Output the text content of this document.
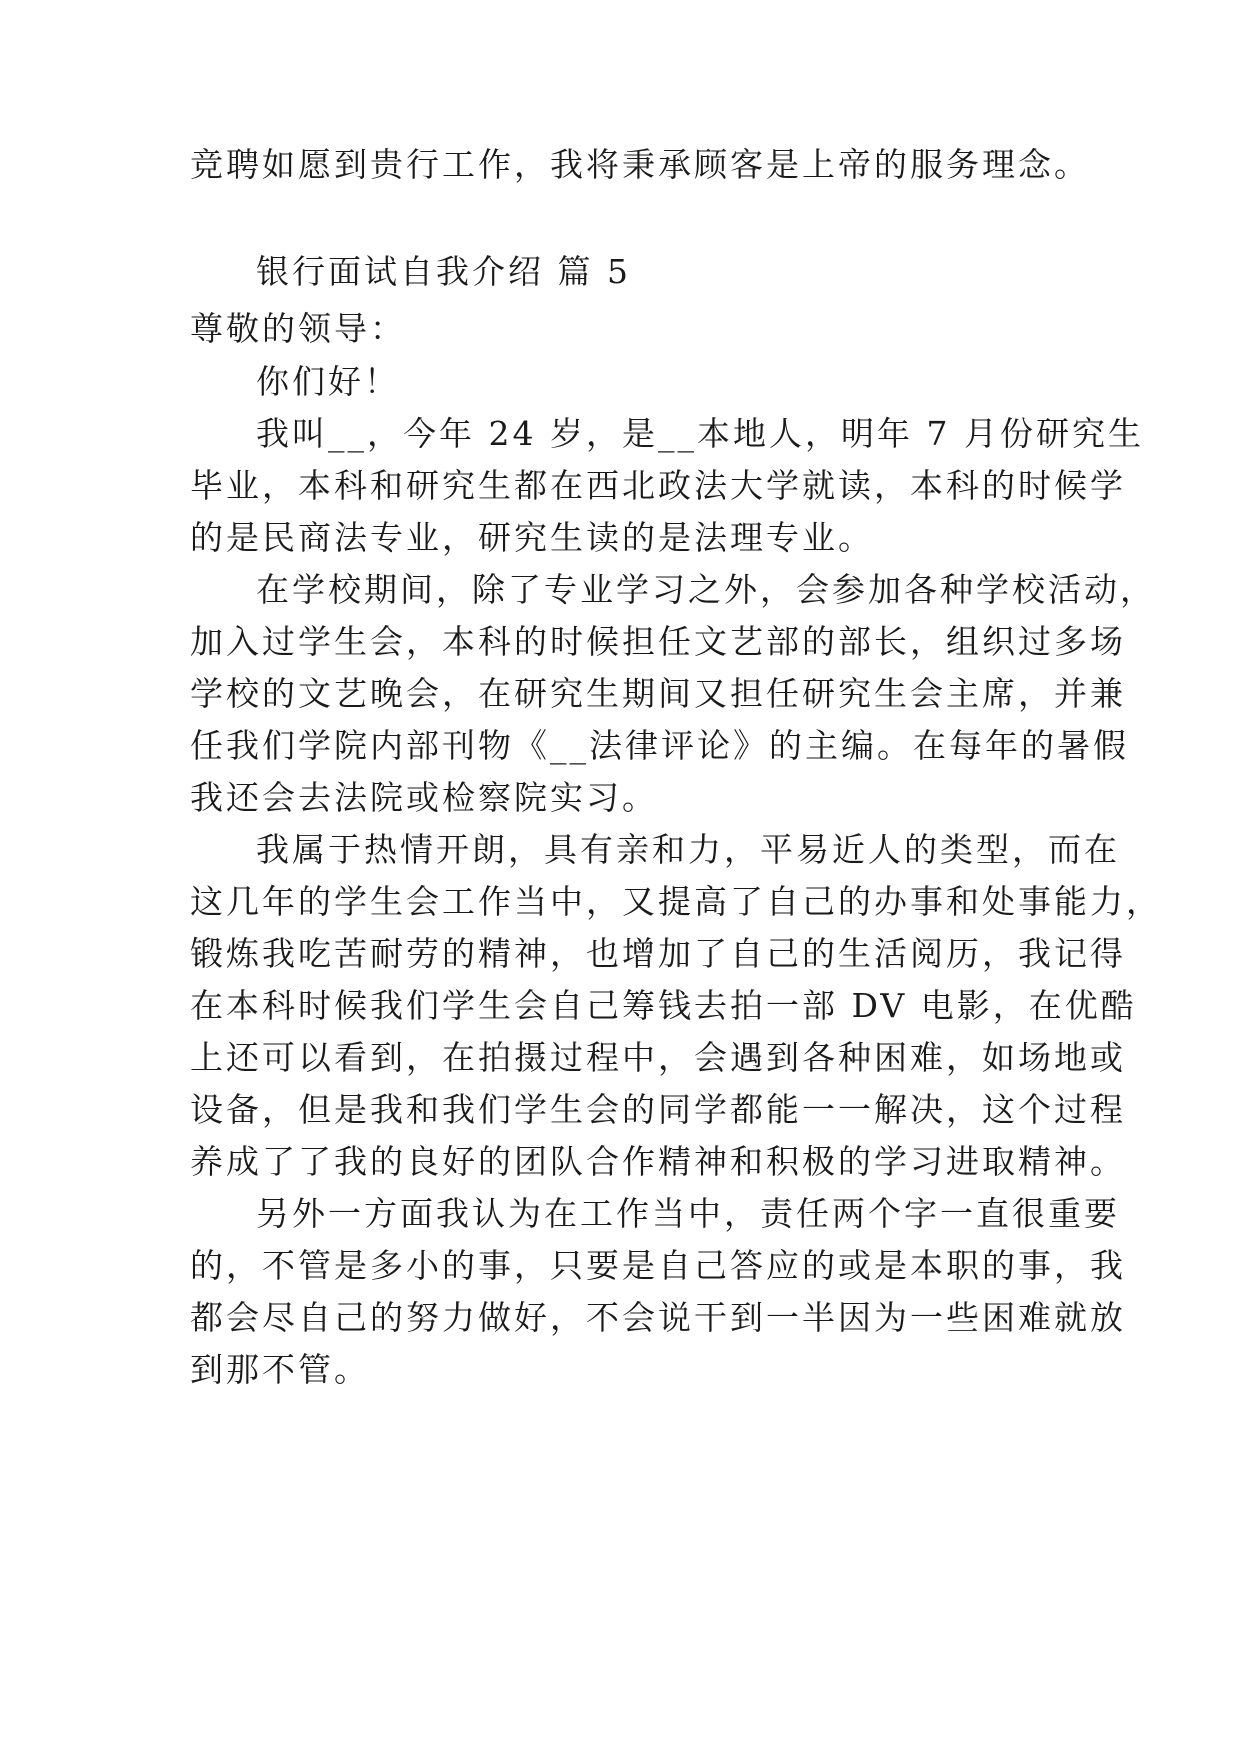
竞聘如愿到贵行工作，我将秉承顾客是上帝的服务理念。
银行面试自我介绍 篇 5
尊敬的领导：
你们好！
我叫__，今年 24 岁，是__本地人，明年 7 月份研究生
毕业，本科和研究生都在西北政法大学就读，本科的时候学
的是民商法专业，研究生读的是法理专业。
在学校期间，除了专业学习之外，会参加各种学校活动，
加入过学生会，本科的时候担任文艺部的部长，组织过多场
学校的文艺晚会，在研究生期间又担任研究生会主席，并兼
任我们学院内部刊物《__法律评论》的主编。在每年的暑假
我还会去法院或检察院实习。
我属于热情开朗，具有亲和力，平易近人的类型，而在
这几年的学生会工作当中，又提高了自己的办事和处事能力，
锻炼我吃苦耐劳的精神，也增加了自己的生活阅历，我记得
在本科时候我们学生会自己筹钱去拍一部 DV 电影，在优酷
上还可以看到，在拍摄过程中，会遇到各种困难，如场地或
设备，但是我和我们学生会的同学都能一一解决，这个过程
养成了了我的良好的团队合作精神和积极的学习进取精神。
另外一方面我认为在工作当中，责任两个字一直很重要
的，不管是多小的事，只要是自己答应的或是本职的事，我
都会尽自己的努力做好，不会说干到一半因为一些困难就放
到那不管。
